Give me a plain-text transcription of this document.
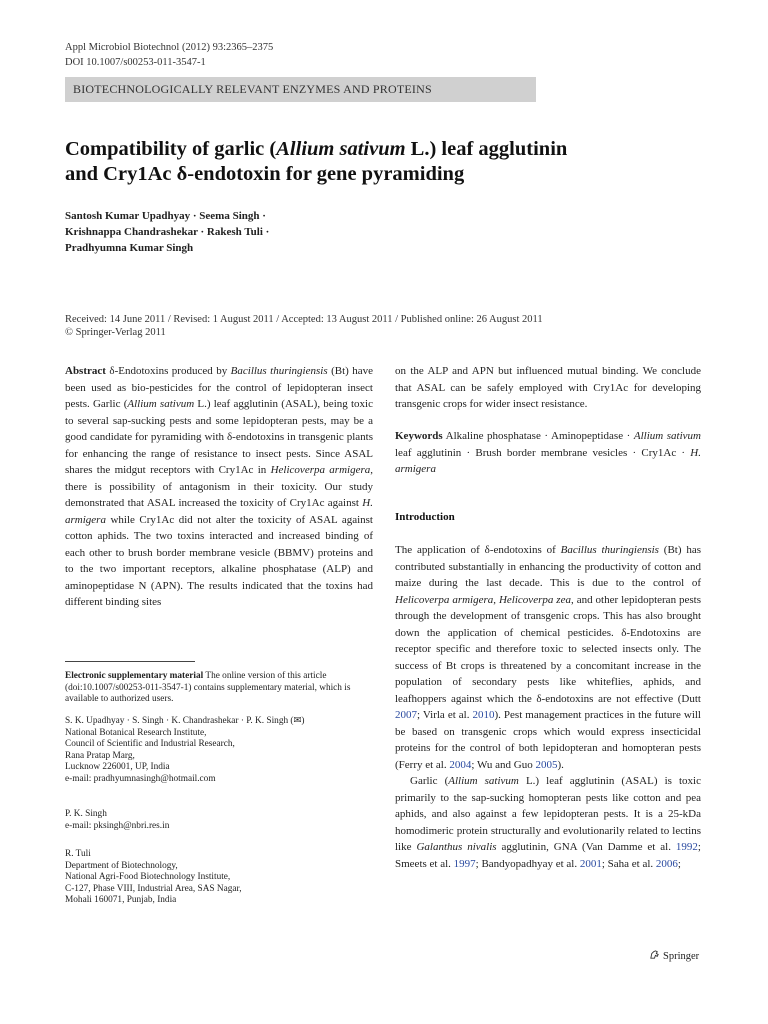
Appl Microbiol Biotechnol (2012) 93:2365–2375
DOI 10.1007/s00253-011-3547-1
BIOTECHNOLOGICALLY RELEVANT ENZYMES AND PROTEINS
Compatibility of garlic (Allium sativum L.) leaf agglutinin
and Cry1Ac δ-endotoxin for gene pyramiding
Santosh Kumar Upadhyay · Seema Singh ·
Krishnappa Chandrashekar · Rakesh Tuli ·
Pradhyumna Kumar Singh
Received: 14 June 2011 / Revised: 1 August 2011 / Accepted: 13 August 2011 / Published online: 26 August 2011
© Springer-Verlag 2011
Abstract δ-Endotoxins produced by Bacillus thuringiensis (Bt) have been used as bio-pesticides for the control of lepidopteran insect pests. Garlic (Allium sativum L.) leaf agglutinin (ASAL), being toxic to several sap-sucking pests and some lepidopteran pests, may be a good candidate for pyramiding with δ-endotoxins in transgenic plants for enhancing the range of resistance to insect pests. Since ASAL shares the midgut receptors with Cry1Ac in Helicoverpa armigera, there is possibility of antagonism in their toxicity. Our study demonstrated that ASAL increased the toxicity of Cry1Ac against H. armigera while Cry1Ac did not alter the toxicity of ASAL against cotton aphids. The two toxins interacted and increased binding of each other to brush border membrane vesicle (BBMV) proteins and to the two important receptors, alkaline phosphatase (ALP) and aminopeptidase N (APN). The results indicated that the toxins had different binding sites
Electronic supplementary material The online version of this article (doi:10.1007/s00253-011-3547-1) contains supplementary material, which is available to authorized users.
S. K. Upadhyay · S. Singh · K. Chandrashekar · P. K. Singh (✉)
National Botanical Research Institute,
Council of Scientific and Industrial Research,
Rana Pratap Marg,
Lucknow 226001, UP, India
e-mail: pradhyumnasingh@hotmail.com
P. K. Singh
e-mail: pksingh@nbri.res.in
R. Tuli
Department of Biotechnology,
National Agri-Food Biotechnology Institute,
C-127, Phase VIII, Industrial Area, SAS Nagar,
Mohali 160071, Punjab, India
on the ALP and APN but influenced mutual binding. We conclude that ASAL can be safely employed with Cry1Ac for developing transgenic crops for wider insect resistance.
Keywords Alkaline phosphatase · Aminopeptidase · Allium sativum leaf agglutinin · Brush border membrane vesicles · Cry1Ac · H. armigera
Introduction
The application of δ-endotoxins of Bacillus thuringiensis (Bt) has contributed substantially in enhancing the productivity of cotton and maize during the last decade. This is due to the control of Helicoverpa armigera, Helicoverpa zea, and other lepidopteran pests through the development of transgenic crops. This has also brought down the application of chemical pesticides. δ-Endotoxins are receptor specific and therefore toxic to selected insects only. The success of Bt crops is threatened by a concomitant increase in the population of secondary pests like whiteflies, aphids, and leafhoppers against which the δ-endotoxins are not effective (Dutt 2007; Virla et al. 2010). Pest management practices in the future will be based on transgenic crops which would express insecticidal proteins for the control of both lepidopteran and homopteran pests (Ferry et al. 2004; Wu and Guo 2005).
Garlic (Allium sativum L.) leaf agglutinin (ASAL) is toxic primarily to the sap-sucking homopteran pests like cotton and pea aphids, and also against a few lepidopteran pests. It is a 25-kDa homodimeric protein structurally and evolutionarily related to lectins like Galanthus nivalis agglutinin, GNA (Van Damme et al. 1992; Smeets et al. 1997; Bandyopadhyay et al. 2001; Saha et al. 2006;
Springer
